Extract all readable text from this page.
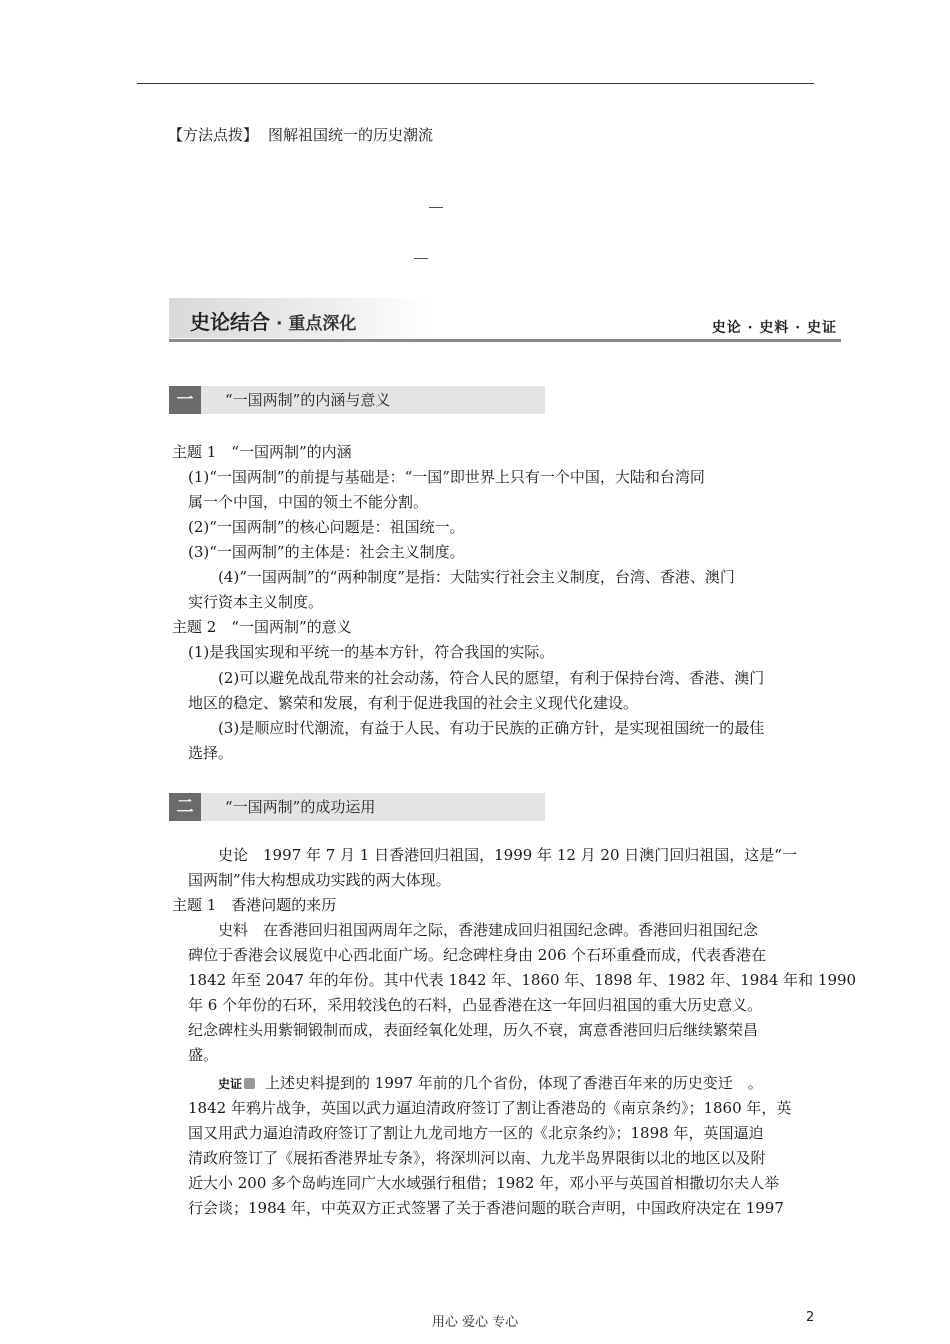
【方法点拨】 图解祖国统一的历史潮流
史论结合 · 重点深化	史论 · 史料 · 史证
一	“一国两制”的内涵与意义
主题 1　“一国两制”的内涵
(1)“一国两制”的前提与基础是：“一国”即世界上只有一个中国，大陆和台湾同
属一个中国，中国的领土不能分割。
(2)“一国两制”的核心问题是：祖国统一。
(3)“一国两制”的主体是：社会主义制度。
(4)“一国两制”的“两种制度”是指：大陆实行社会主义制度，台湾、香港、澳门
实行资本主义制度。
主题 2　“一国两制”的意义
(1)是我国实现和平统一的基本方针，符合我国的实际。
(2)可以避免战乱带来的社会动荡，符合人民的愿望，有利于保持台湾、香港、澳门
地区的稳定、繁荣和发展，有利于促进我国的社会主义现代化建设。
(3)是顺应时代潮流，有益于人民、有功于民族的正确方针，是实现祖国统一的最佳
选择。
二	“一国两制”的成功运用
史论　1997 年 7 月 1 日香港回归祖国，1999 年 12 月 20 日澳门回归祖国，这是“一
国两制”伟大构想成功实践的两大体现。
主题 1　香港问题的来历
史料　在香港回归祖国两周年之际，香港建成回归祖国纪念碑。香港回归祖国纪念
碑位于香港会议展览中心西北面广场。纪念碑柱身由 206 个石环重叠而成，代表香港在
1842 年至 2047 年的年份。其中代表 1842 年、1860 年、1898 年、1982 年、1984 年和 1990
年 6 个年份的石环，采用较浅色的石料，凸显香港在这一年回归祖国的重大历史意义。
纪念碑柱头用紫铜锻制而成，表面经氧化处理，历久不衰，寓意香港回归后继续繁荣昌
盛。
史证 上述史料提到的 1997 年前的几个省份，体现了香港百年来的历史变迁　。
1842 年鸦片战争，英国以武力逼迫清政府签订了割让香港岛的《南京条约》；1860 年，英
国又用武力逼迫清政府签订了割让九龙司地方一区的《北京条约》；1898 年，英国逼迫
清政府签订了《展拓香港界址专条》，将深圳河以南、九龙半岛界限街以北的地区以及附
近大小 200 多个岛屿连同广大水域强行租借；1982 年，邓小平与英国首相撒切尔夫人举
行会谈；1984 年，中英双方正式签署了关于香港问题的联合声明，中国政府决定在 1997
用心 爱心 专心	2
